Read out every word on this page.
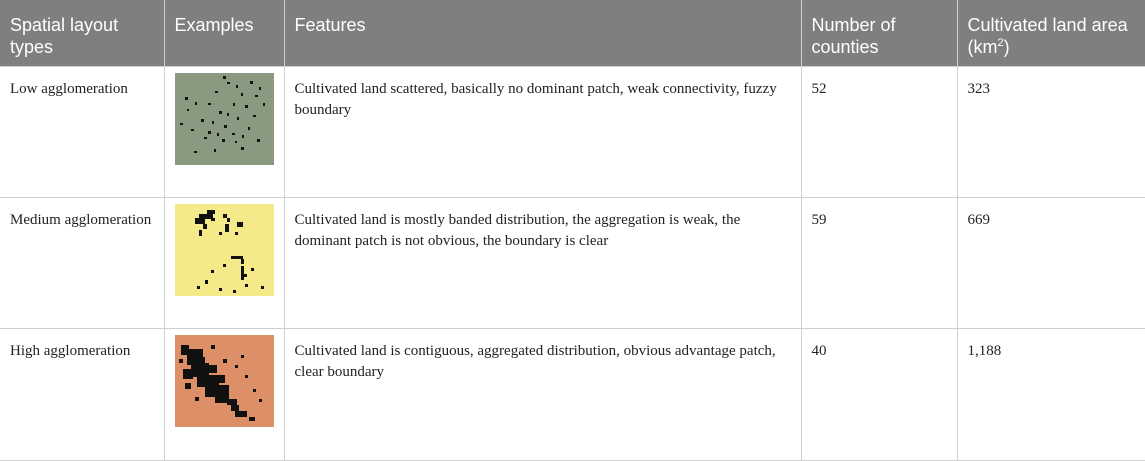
Spatial layout types	Examples	Features	Number of counties	Cultivated land area $(km^2)$
Low agglomeration		Cultivated land scattered, basically no dominant patch, weak connectivity, fuzzy boundary	52	323
Medium agglomeration		Cultivated land is mostly banded distribution, the aggregation is weak, the dominant patch is not obvious, the boundary is clear	59	669
High agglomeration		Cultivated land is contiguous, aggregated distribution, obvious advantage patch, clear boundary	40	1,188
